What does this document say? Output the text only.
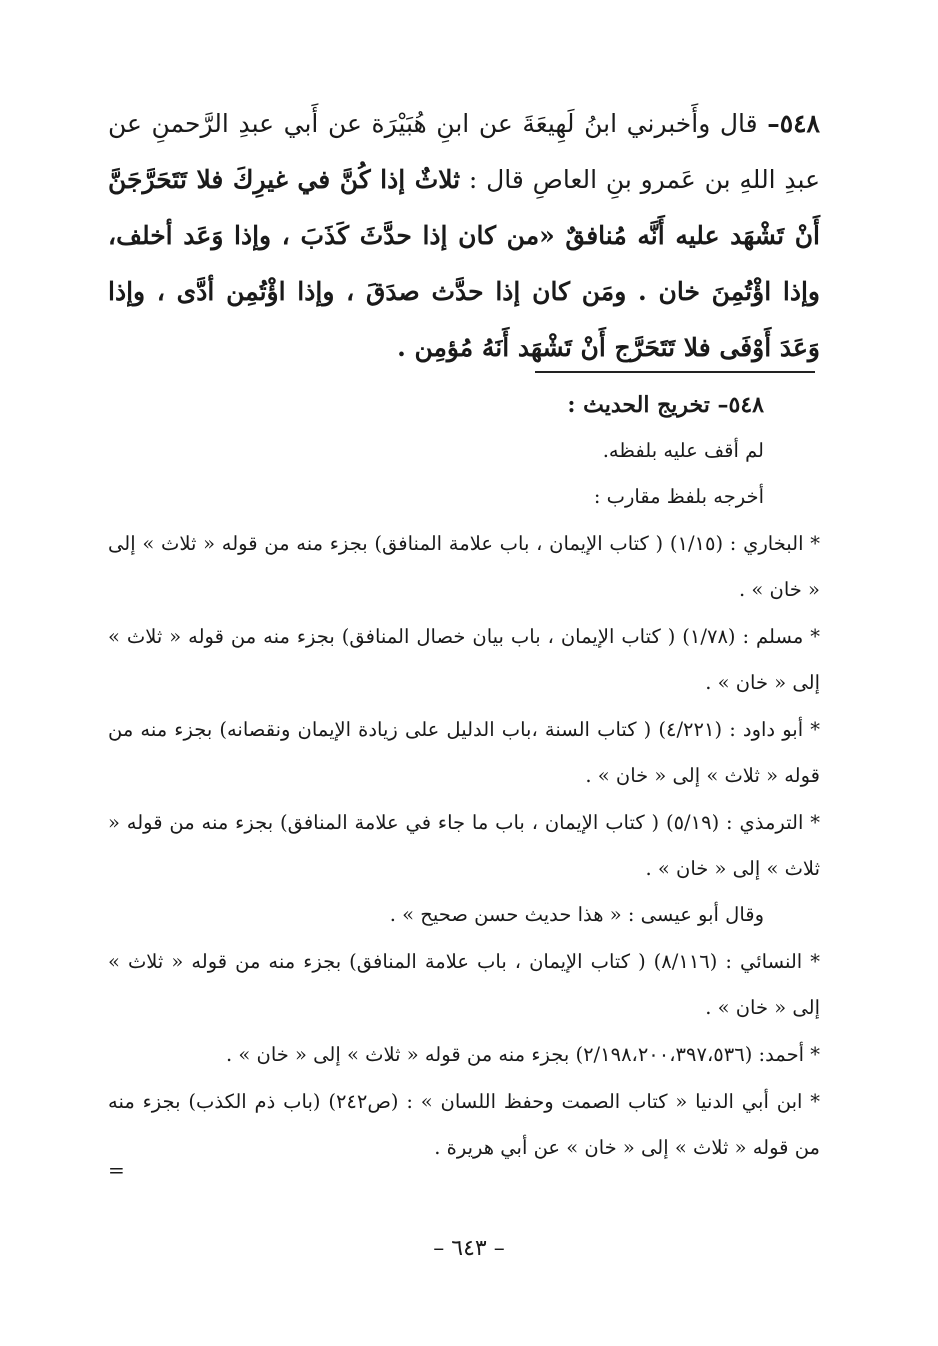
٥٤٨– قال وأَخبرني ابنُ لَهِيعَةَ عن ابنِ هُبَيْرَة عن أَبي عبدِ الرَّحمنِ عن عبدِ اللهِ بن عَمرو بنِ العاصِ قال : ثلاثٌ إذا كُنَّ في غيرِكَ فلا تَتَحَرَّجَنَّ أَنْ تَشْهَد عليه أَنَّه مُنافقٌ «من كان إذا حدَّثَ كَذَبَ ، وإذا وَعَد أخلف، وإذا اؤْتُمِنَ خان . ومَن كان إذا حدَّث صدَقَ ، وإذا اؤْتُمِن أدَّى ، وإذا وَعَدَ أَوْفَى فلا تَتَحَرَّج أَنْ تَشْهَد أَنَهُ مُؤمِن .
٥٤٨– تخريج الحديث :
لم أقف عليه بلفظه.
أخرجه بلفظ مقارب :
* البخاري : (١/١٥) ( كتاب الإيمان ، باب علامة المنافق) بجزء منه من قوله « ثلاث » إلى « خان » .
* مسلم : (١/٧٨) ( كتاب الإيمان ، باب بيان خصال المنافق) بجزء منه من قوله « ثلاث » إلى « خان » .
* أبو داود : (٤/٢٢١) ( كتاب السنة ،باب الدليل على زيادة الإيمان ونقصانه) بجزء منه من قوله « ثلاث » إلى « خان » .
* الترمذي : (٥/١٩) ( كتاب الإيمان ، باب ما جاء في علامة المنافق) بجزء منه من قوله « ثلاث » إلى « خان » .
وقال أبو عيسى : « هذا حديث حسن صحيح » .
* النسائي : (٨/١١٦) ( كتاب الإيمان ، باب علامة المنافق) بجزء منه من قوله « ثلاث » إلى « خان » .
* أحمد: (٢/١٩٨،٢٠٠،٣٩٧،٥٣٦) بجزء منه من قوله « ثلاث » إلى « خان » .
* ابن أبي الدنيا « كتاب الصمت وحفظ اللسان » : (ص٢٤٢) (باب ذم الكذب) بجزء منه من قوله « ثلاث » إلى « خان » عن أبي هريرة .
=
– ٦٤٣ –
